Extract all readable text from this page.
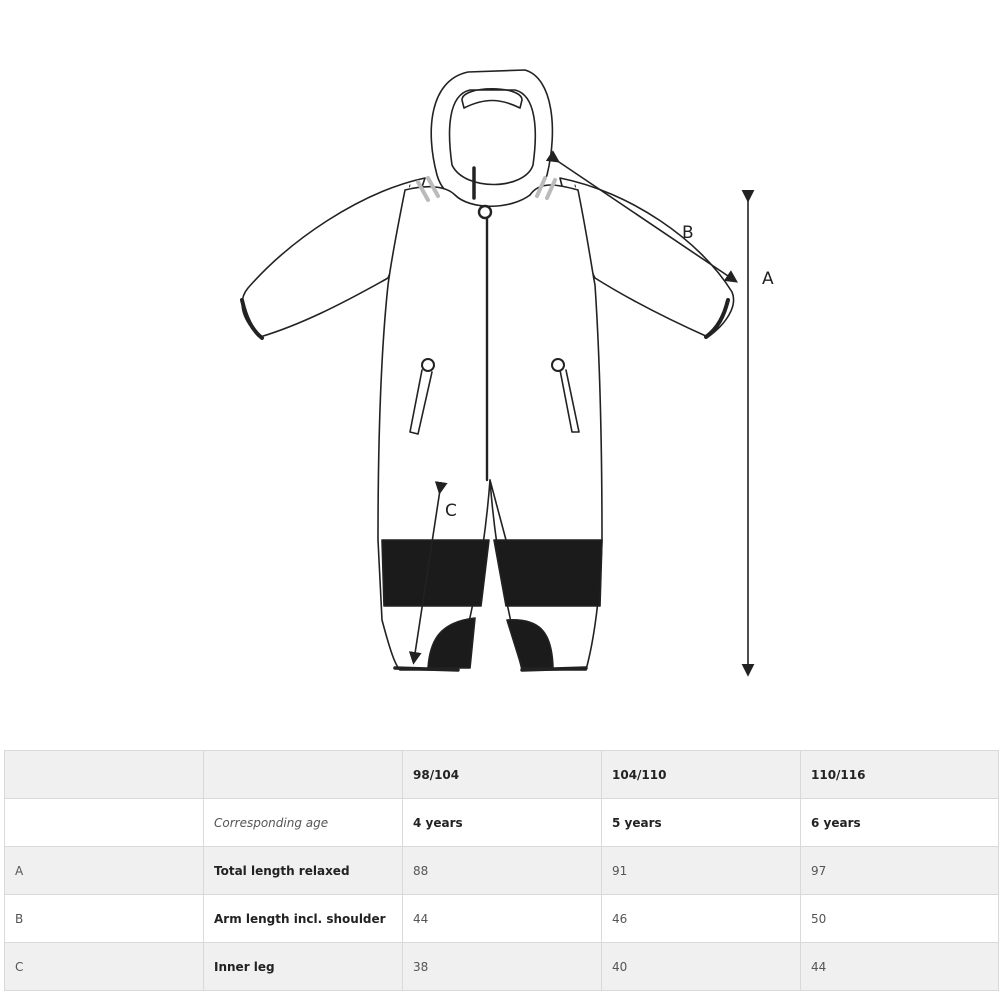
A
B
C
		98/104	104/110	110/116
	Corresponding age	4 years	5 years	6 years
A	Total length relaxed	88	91	97
B	Arm length incl. shoulder	44	46	50
C	Inner leg	38	40	44
